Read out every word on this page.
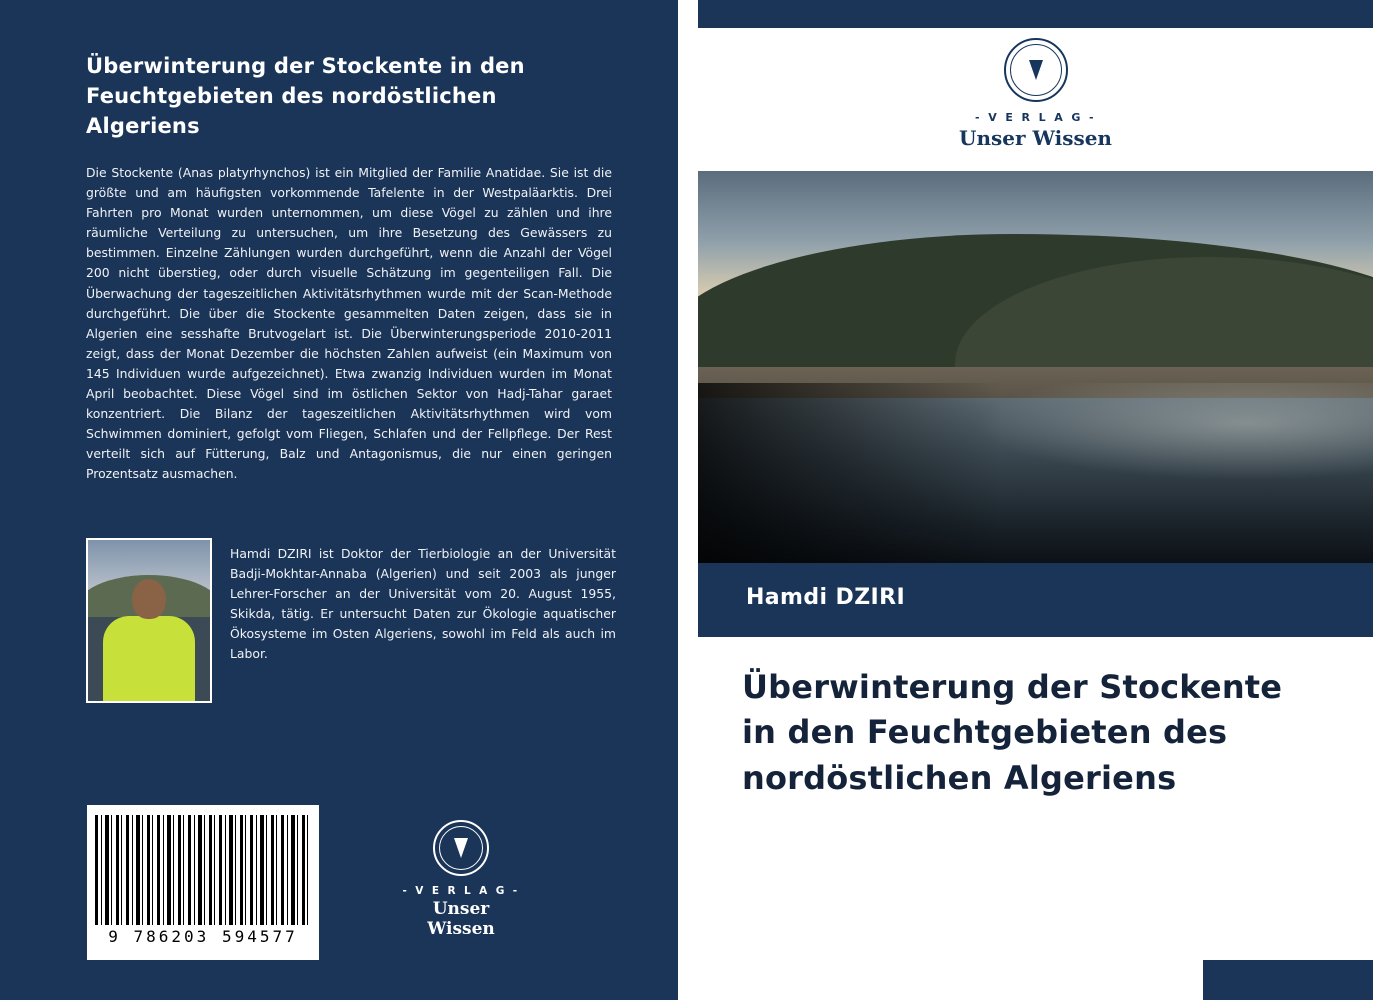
Überwinterung der Stockente in den Feuchtgebieten des nordöstlichen Algeriens
Die Stockente (Anas platyrhynchos) ist ein Mitglied der Familie Anatidae. Sie ist die größte und am häufigsten vorkommende Tafelente in der Westpaläarktis. Drei Fahrten pro Monat wurden unternommen, um diese Vögel zu zählen und ihre räumliche Verteilung zu untersuchen, um ihre Besetzung des Gewässers zu bestimmen. Einzelne Zählungen wurden durchgeführt, wenn die Anzahl der Vögel 200 nicht überstieg, oder durch visuelle Schätzung im gegenteiligen Fall. Die Überwachung der tageszeitlichen Aktivitätsrhythmen wurde mit der Scan-Methode durchgeführt. Die über die Stockente gesammelten Daten zeigen, dass sie in Algerien eine sesshafte Brutvogelart ist. Die Überwinterungsperiode 2010-2011 zeigt, dass der Monat Dezember die höchsten Zahlen aufweist (ein Maximum von 145 Individuen wurde aufgezeichnet). Etwa zwanzig Individuen wurden im Monat April beobachtet. Diese Vögel sind im östlichen Sektor von Hadj-Tahar garaet konzentriert. Die Bilanz der tageszeitlichen Aktivitätsrhythmen wird vom Schwimmen dominiert, gefolgt vom Fliegen, Schlafen und der Fellpflege. Der Rest verteilt sich auf Fütterung, Balz und Antagonismus, die nur einen geringen Prozentsatz ausmachen.
Hamdi DZIRI ist Doktor der Tierbiologie an der Universität Badji-Mokhtar-Annaba (Algerien) und seit 2003 als junger Lehrer-Forscher an der Universität vom 20. August 1955, Skikda, tätig. Er untersucht Daten zur Ökologie aquatischer Ökosysteme im Osten Algeriens, sowohl im Feld als auch im Labor.
9 786203 594577
- V E R L A G -
Unser Wissen
- V E R L A G -
Unser Wissen
Hamdi DZIRI
Überwinterung der Stockente in den Feuchtgebieten des nordöstlichen Algeriens
